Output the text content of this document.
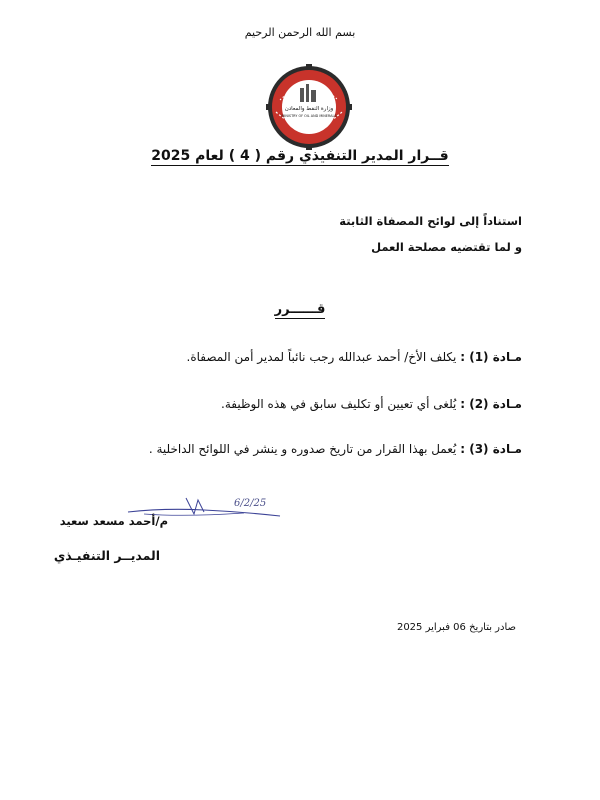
بسم الله الرحمن الرحيم
وزارة النفط والمعادن
MINISTRY OF OIL AND MINERALS
قــرار المدير التنفيذي رقم ( 4 ) لعام 2025
استناداً إلى لوائح المصفاة الثابتة
و لما تقتضيه مصلحة العمل
قــــــرر
مـادة (1) : يكلف الأخ/ أحمد عبدالله رجب نائباً لمدير أمن المصفاة.
مـادة (2) : يُلغى أي تعيين أو تكليف سابق في هذه الوظيفة.
مـادة (3) : يُعمل بهذا القرار من تاريخ صدوره و ينشر في اللوائح الداخلية .
6/2/25
م/أحمد مسعد سعيد
المديــر التنفيـذي
صادر بتاريخ 06 فبراير 2025
